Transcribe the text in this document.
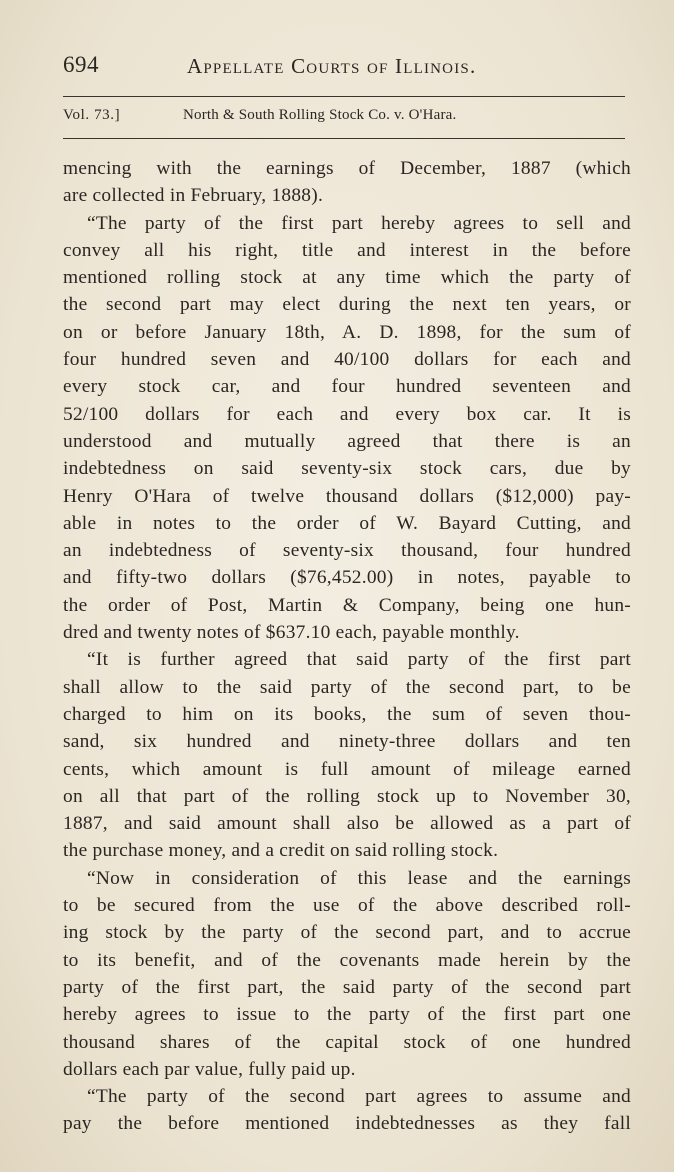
694	Appellate Courts of Illinois.
Vol. 73.]	North & South Rolling Stock Co. v. O'Hara.
mencing with the earnings of December, 1887 (which
are collected in February, 1888).
“The party of the first part hereby agrees to sell and
convey all his right, title and interest in the before
mentioned rolling stock at any time which the party of
the second part may elect during the next ten years, or
on or before January 18th, A. D. 1898, for the sum of
four hundred seven and 40/100 dollars for each and
every stock car, and four hundred seventeen and
52/100 dollars for each and every box car. It is
understood and mutually agreed that there is an
indebtedness on said seventy-six stock cars, due by
Henry O'Hara of twelve thousand dollars ($12,000) pay-
able in notes to the order of W. Bayard Cutting, and
an indebtedness of seventy-six thousand, four hundred
and fifty-two dollars ($76,452.00) in notes, payable to
the order of Post, Martin & Company, being one hun-
dred and twenty notes of $637.10 each, payable monthly.
“It is further agreed that said party of the first part
shall allow to the said party of the second part, to be
charged to him on its books, the sum of seven thou-
sand, six hundred and ninety-three dollars and ten
cents, which amount is full amount of mileage earned
on all that part of the rolling stock up to November 30,
1887, and said amount shall also be allowed as a part of
the purchase money, and a credit on said rolling stock.
“Now in consideration of this lease and the earnings
to be secured from the use of the above described roll-
ing stock by the party of the second part, and to accrue
to its benefit, and of the covenants made herein by the
party of the first part, the said party of the second part
hereby agrees to issue to the party of the first part one
thousand shares of the capital stock of one hundred
dollars each par value, fully paid up.
“The party of the second part agrees to assume and
pay the before mentioned indebtednesses as they fall
